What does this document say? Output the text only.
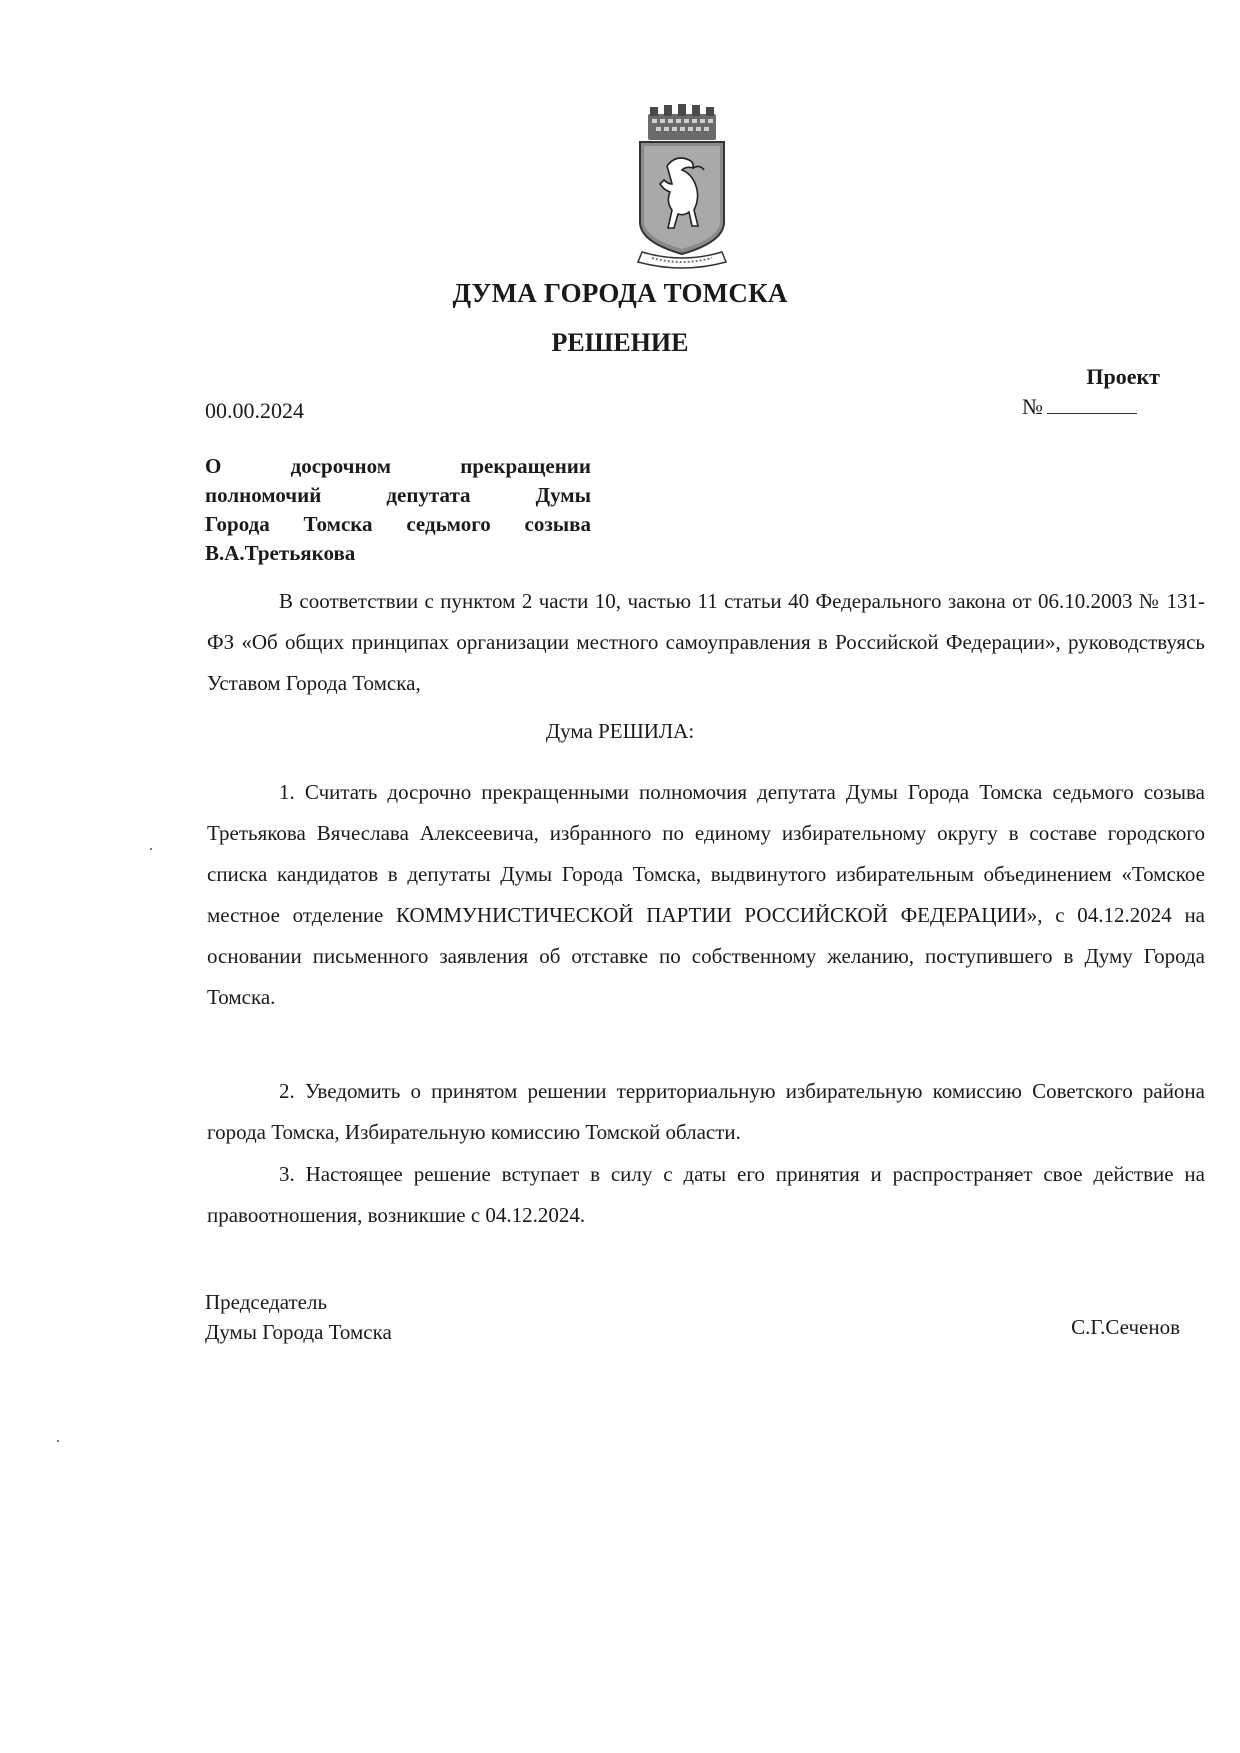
ДУМА ГОРОДА ТОМСКА
РЕШЕНИЕ
Проект
№
00.00.2024
О досрочном прекращении
полномочий депутата Думы
Города Томска седьмого созыва
В.А.Третьякова
В соответствии с пунктом 2 части 10, частью 11 статьи 40 Федерального закона от 06.10.2003 № 131-ФЗ «Об общих принципах организации местного самоуправления в Российской Федерации», руководствуясь Уставом Города Томска,
Дума РЕШИЛА:
1. Считать досрочно прекращенными полномочия депутата Думы Города Томска седьмого созыва Третьякова Вячеслава Алексеевича, избранного по единому избирательному округу в составе городского списка кандидатов в депутаты Думы Города Томска, выдвинутого избирательным объединением «Томское местное отделение КОММУНИСТИЧЕСКОЙ ПАРТИИ РОССИЙСКОЙ ФЕДЕРАЦИИ», с 04.12.2024 на основании письменного заявления об отставке по собственному желанию, поступившего в Думу Города Томска.
2. Уведомить о принятом решении территориальную избирательную комиссию Советского района города Томска, Избирательную комиссию Томской области.
3. Настоящее решение вступает в силу с даты его принятия и распространяет свое действие на правоотношения, возникшие с 04.12.2024.
Председатель
Думы Города Томска	С.Г.Сеченов
